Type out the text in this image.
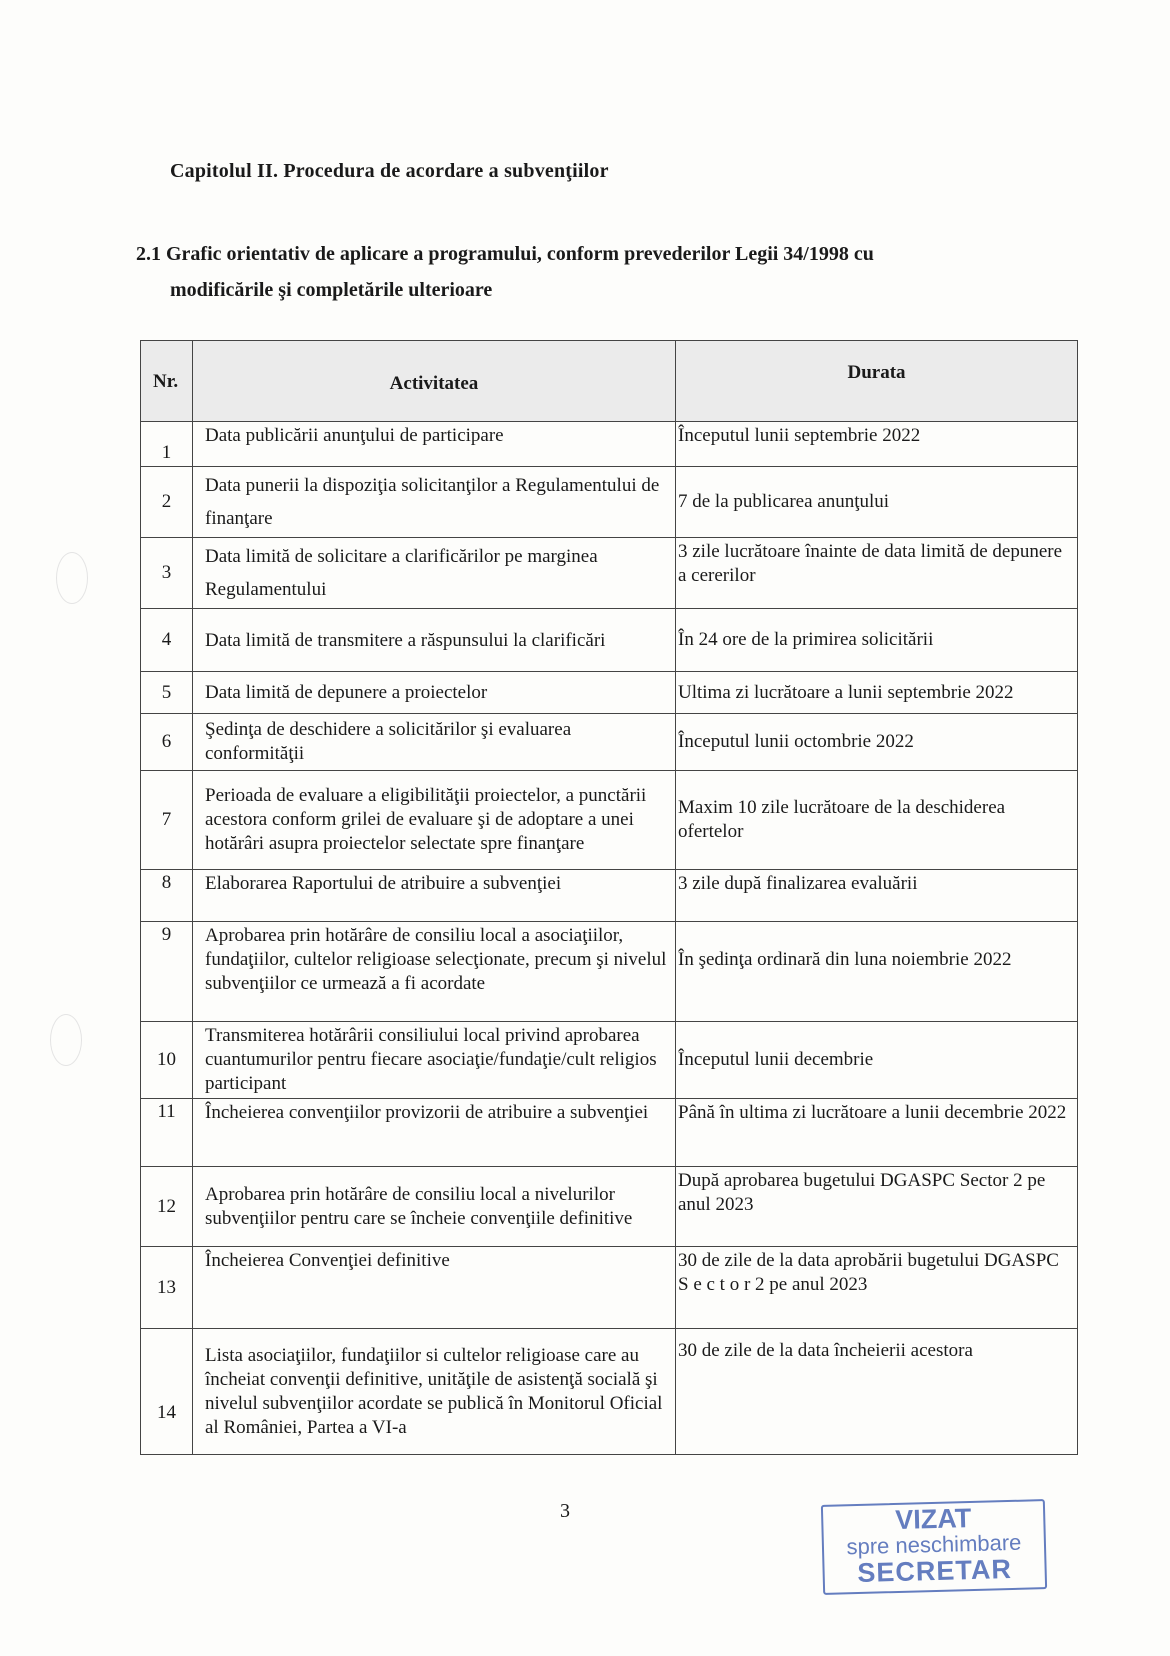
Capitolul II. Procedura de acordare a subvenţiilor
2.1 Grafic orientativ de aplicare a programului, conform prevederilor Legii 34/1998 cu
modificările şi completările ulterioare
Nr.	Activitatea	Durata
1	Data publicării anunţului de participare	Începutul lunii septembrie 2022
2	Data punerii la dispoziţia solicitanţilor a Regulamentului de finanţare	7 de la publicarea anunţului
3	Data limită de solicitare a clarificărilor pe marginea Regulamentului	3 zile lucrătoare înainte de data limită de depunere a cererilor
4	Data limită de transmitere a răspunsului la clarificări	În 24 ore de la primirea solicitării
5	Data limită de depunere a proiectelor	Ultima zi lucrătoare a lunii septembrie 2022
6	Şedinţa de deschidere a solicitărilor şi evaluarea conformităţii	Începutul lunii octombrie 2022
7	Perioada de evaluare a eligibilităţii proiectelor, a punctării acestora conform grilei de evaluare şi de adoptare a unei hotărâri asupra proiectelor selectate spre finanţare	Maxim 10 zile lucrătoare de la deschiderea ofertelor
8	Elaborarea Raportului de atribuire a subvenţiei	3 zile după finalizarea evaluării
9	Aprobarea prin hotărâre de consiliu local a asociaţiilor, fundaţiilor, cultelor religioase selecţionate, precum şi nivelul subvenţiilor ce urmează a fi acordate	În şedinţa ordinară din luna noiembrie 2022
10	Transmiterea hotărârii consiliului local privind aprobarea cuantumurilor pentru fiecare asociaţie/fundaţie/cult religios participant	Începutul lunii decembrie
11	Încheierea convenţiilor provizorii de atribuire a subvenţiei	Până în ultima zi lucrătoare a lunii decembrie 2022
12	Aprobarea prin hotărâre de consiliu local a nivelurilor subvenţiilor pentru care se încheie convenţiile definitive	După aprobarea bugetului DGASPC Sector 2 pe anul 2023
13	Încheierea Convenţiei definitive	30 de zile de la data aprobării bugetului DGASPC S e c t o r 2 pe anul 2023
14	Lista asociaţiilor, fundaţiilor si cultelor religioase care au încheiat convenţii definitive, unităţile de asistenţă socială şi nivelul subvenţiilor acordate se publică în Monitorul Oficial al României, Partea a VI-a	30 de zile de la data încheierii acestora
3	VIZAT
spre neschimbare
SECRETAR
